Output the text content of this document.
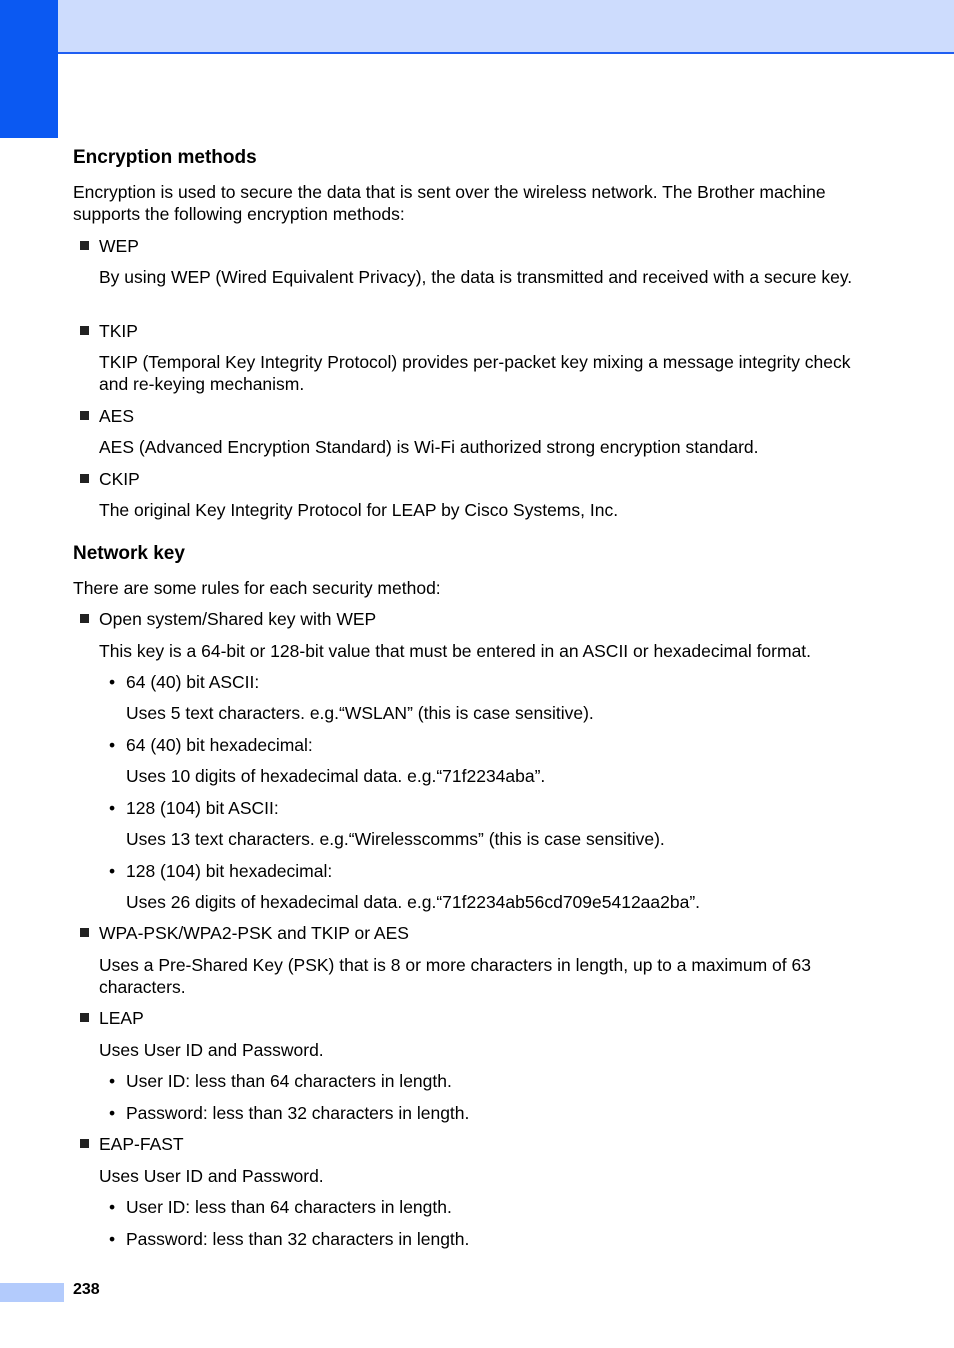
Encryption methods

Encryption is used to secure the data that is sent over the wireless network. The Brother machine supports the following encryption methods:

WEP
By using WEP (Wired Equivalent Privacy), the data is transmitted and received with a secure key.
TKIP
TKIP (Temporal Key Integrity Protocol) provides per-packet key mixing a message integrity check and re-keying mechanism.
AES
AES (Advanced Encryption Standard) is Wi-Fi authorized strong encryption standard.
CKIP
The original Key Integrity Protocol for LEAP by Cisco Systems, Inc.
Network key

There are some rules for each security method:

Open system/Shared key with WEP
This key is a 64-bit or 128-bit value that must be entered in an ASCII or hexadecimal format.
• 64 (40) bit ASCII:
Uses 5 text characters. e.g.“WSLAN” (this is case sensitive).
• 64 (40) bit hexadecimal:
Uses 10 digits of hexadecimal data. e.g.“71f2234aba”.
• 128 (104) bit ASCII:
Uses 13 text characters. e.g.“Wirelesscomms” (this is case sensitive).
• 128 (104) bit hexadecimal:
Uses 26 digits of hexadecimal data. e.g.“71f2234ab56cd709e5412aa2ba”.
WPA-PSK/WPA2-PSK and TKIP or AES
Uses a Pre-Shared Key (PSK) that is 8 or more characters in length, up to a maximum of 63 characters.
LEAP
Uses User ID and Password.
• User ID: less than 64 characters in length.
• Password: less than 32 characters in length.
EAP-FAST
Uses User ID and Password.
• User ID: less than 64 characters in length.
• Password: less than 32 characters in length.
238
